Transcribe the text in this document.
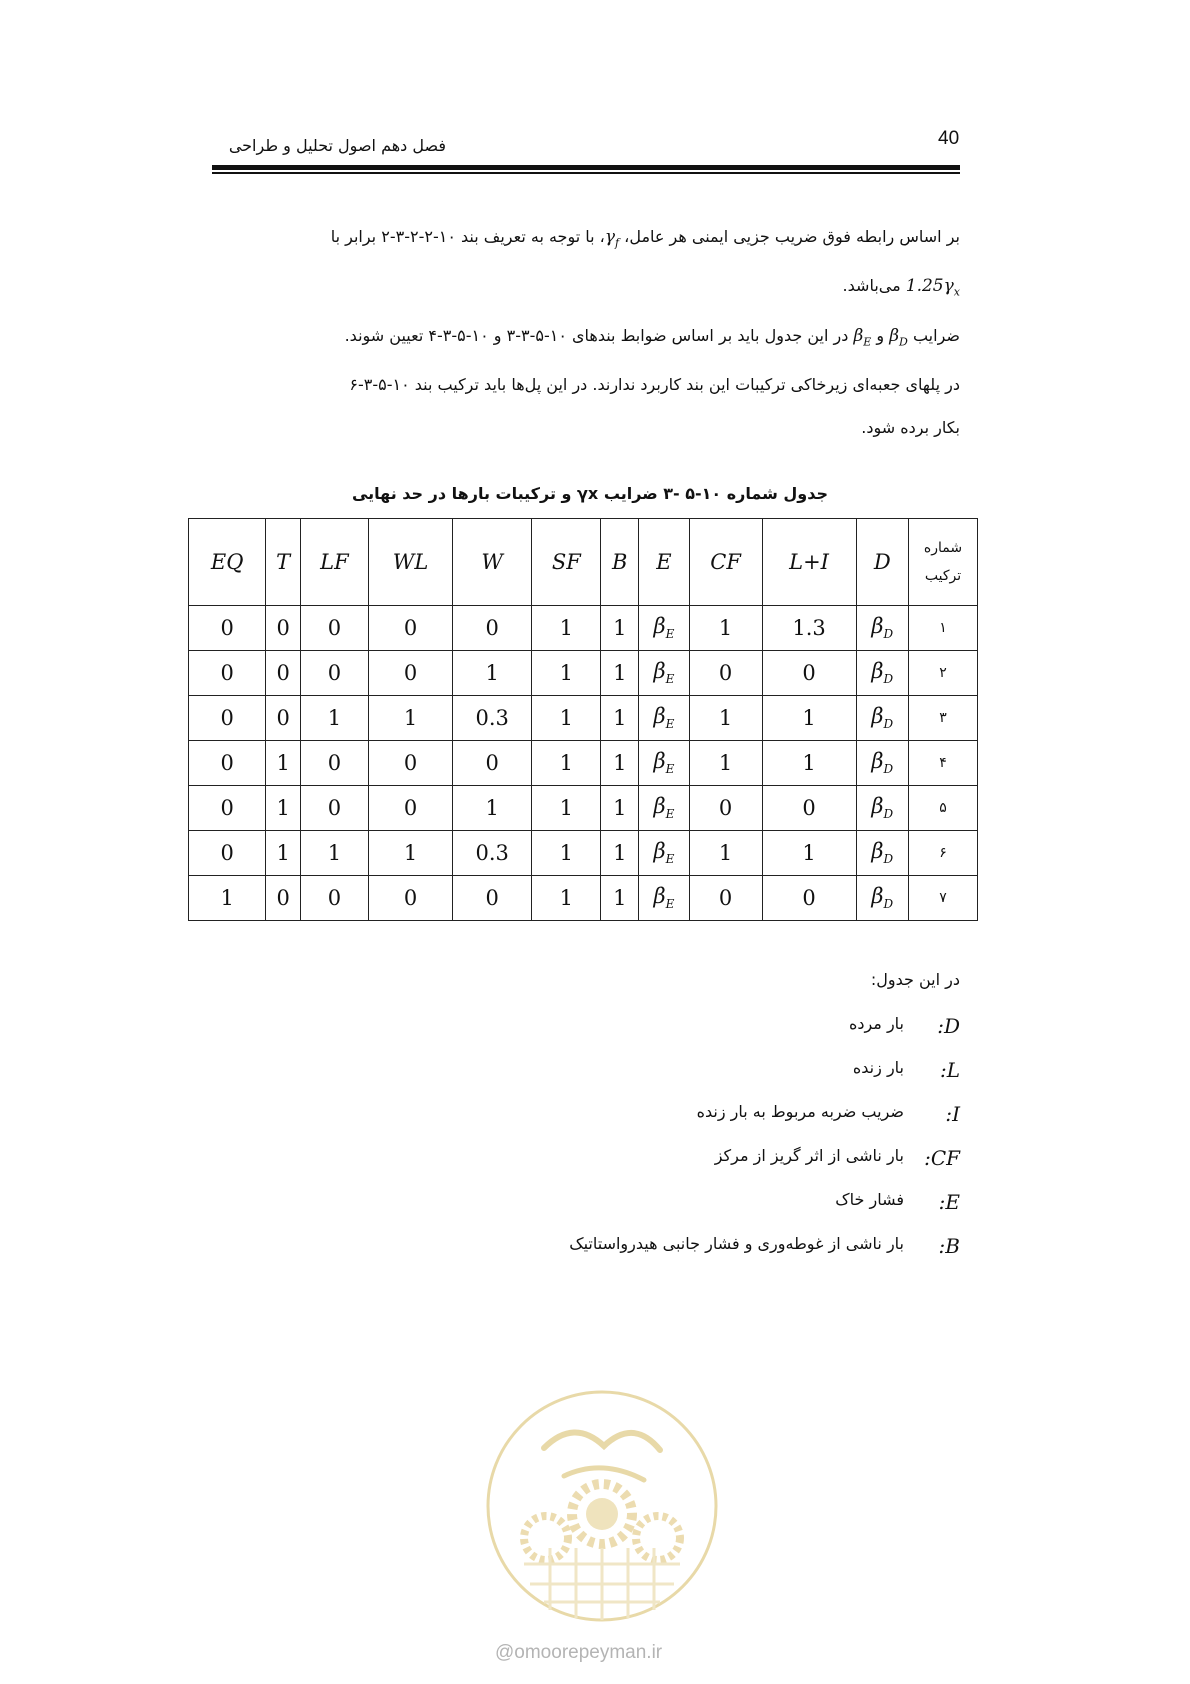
40
فصل دهم اصول تحلیل و طراحی

بر اساس رابطه فوق ضریب جزیی ایمنی هر عامل، $\gamma_f،$ با توجه به تعریف بند ۱۰-۲-۲-۳-۲ برابر با

$1.25\gamma_x$ می‌باشد.

ضرایب $\beta_D$ و $\beta_E$ در این جدول باید بر اساس ضوابط بندهای ۱۰-۵-۳-۳ و ۱۰-۵-۳-۴ تعیین شوند.

در پلهای جعبه‌ای زیرخاکی ترکیبات این بند کاربرد ندارند. در این پل‌ها باید ترکیب بند ۱۰-۵-۳-۶

بکار برده شود.

جدول شماره ۱۰-۵ -۳ ضرایب γx و ترکیبات بارها در حد نهایی
شماره
ترکیب	D	L+I	CF	E	B	SF	W	WL	LF	T	EQ
۱	$\beta_D$	1.3	1	$\beta_E$	1	1	0	0	0	0	0
۲	$\beta_D$	0	0	$\beta_E$	1	1	1	0	0	0	0
۳	$\beta_D$	1	1	$\beta_E$	1	1	0.3	1	1	0	0
۴	$\beta_D$	1	1	$\beta_E$	1	1	0	0	0	1	0
۵	$\beta_D$	0	0	$\beta_E$	1	1	1	0	0	1	0
۶	$\beta_D$	1	1	$\beta_E$	1	1	0.3	1	1	1	0
۷	$\beta_D$	0	0	$\beta_E$	1	1	0	0	0	0	1
در این جدول:
D:
بار مرده
L:
بار زنده
I:
ضریب ضربه مربوط به بار زنده
CF:
بار ناشی از اثر گریز از مرکز
E:
فشار خاک
B:
بار ناشی از غوطه‌وری و فشار جانبی هیدرواستاتیک
@omoorepeyman.ir
